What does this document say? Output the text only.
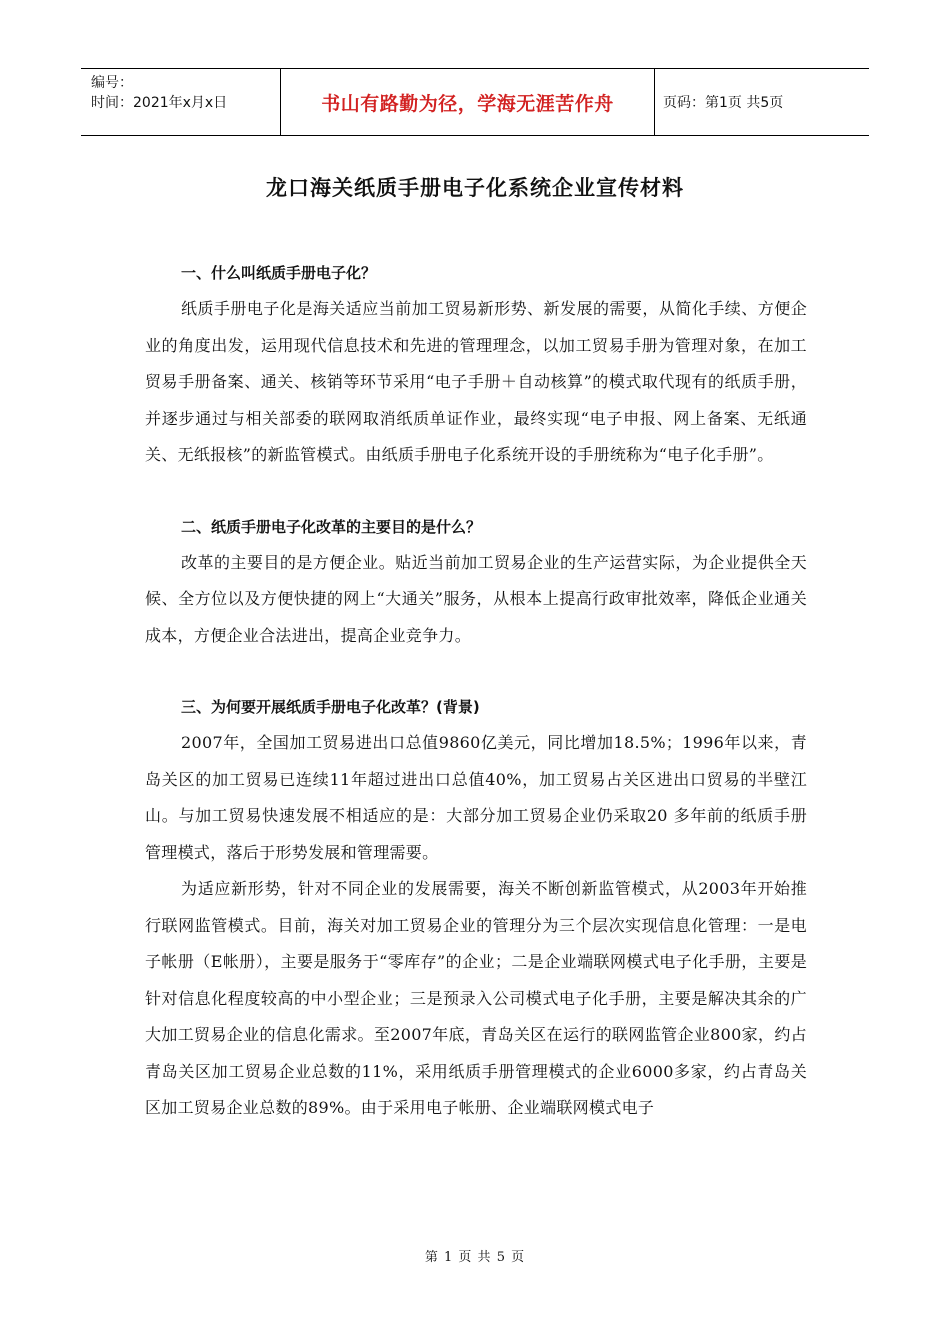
编号：
时间：2021年x月x日	书山有路勤为径，学海无涯苦作舟	页码：第1页 共5页
龙口海关纸质手册电子化系统企业宣传材料
一、什么叫纸质手册电子化？

纸质手册电子化是海关适应当前加工贸易新形势、新发展的需要，从简化手续、方便企业的角度出发，运用现代信息技术和先进的管理理念，以加工贸易手册为管理对象，在加工贸易手册备案、通关、核销等环节采用“电子手册＋自动核算”的模式取代现有的纸质手册，并逐步通过与相关部委的联网取消纸质单证作业，最终实现“电子申报、网上备案、无纸通关、无纸报核”的新监管模式。由纸质手册电子化系统开设的手册统称为“电子化手册”。

二、纸质手册电子化改革的主要目的是什么？

改革的主要目的是方便企业。贴近当前加工贸易企业的生产运营实际，为企业提供全天候、全方位以及方便快捷的网上“大通关”服务，从根本上提高行政审批效率，降低企业通关成本，方便企业合法进出，提高企业竞争力。

三、为何要开展纸质手册电子化改革？(背景)

2007年，全国加工贸易进出口总值9860亿美元，同比增加18.5%；1996年以来，青岛关区的加工贸易已连续11年超过进出口总值40%，加工贸易占关区进出口贸易的半壁江山。与加工贸易快速发展不相适应的是：大部分加工贸易企业仍采取20 多年前的纸质手册管理模式，落后于形势发展和管理需要。

为适应新形势，针对不同企业的发展需要，海关不断创新监管模式，从2003年开始推行联网监管模式。目前，海关对加工贸易企业的管理分为三个层次实现信息化管理：一是电子帐册（E帐册），主要是服务于“零库存”的企业；二是企业端联网模式电子化手册，主要是针对信息化程度较高的中小型企业；三是预录入公司模式电子化手册，主要是解决其余的广大加工贸易企业的信息化需求。至2007年底，青岛关区在运行的联网监管企业800家，约占青岛关区加工贸易企业总数的11%，采用纸质手册管理模式的企业6000多家，约占青岛关区加工贸易企业总数的89%。由于采用电子帐册、企业端联网模式电子

第 1 页 共 5 页
